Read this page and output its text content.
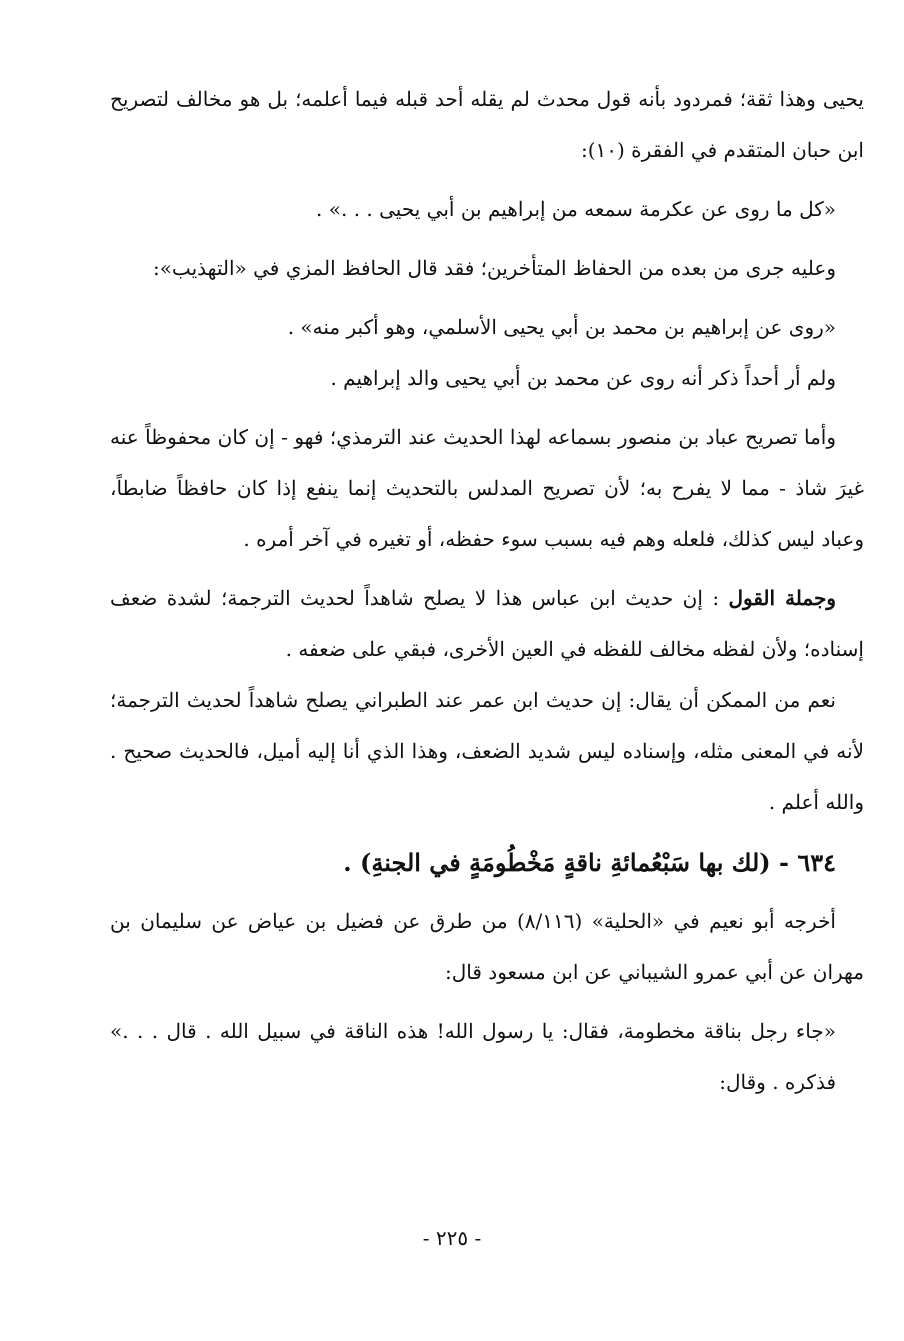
يحيى وهذا ثقة؛ فمردود بأنه قول محدث لم يقله أحد قبله فيما أعلمه؛ بل هو مخالف لتصريح ابن حبان المتقدم في الفقرة (١٠):

«كل ما روى عن عكرمة سمعه من إبراهيم بن أبي يحيى . . .» .

وعليه جرى من بعده من الحفاظ المتأخرين؛ فقد قال الحافظ المزي في «التهذيب»:

«روى عن إبراهيم بن محمد بن أبي يحيى الأسلمي، وهو أكبر منه» .

ولم أر أحداً ذكر أنه روى عن محمد بن أبي يحيى والد إبراهيم .

وأما تصريح عباد بن منصور بسماعه لهذا الحديث عند الترمذي؛ فهو - إن كان محفوظاً عنه غيرَ شاذ - مما لا يفرح به؛ لأن تصريح المدلس بالتحديث إنما ينفع إذا كان حافظاً ضابطاً، وعباد ليس كذلك، فلعله وهم فيه بسبب سوء حفظه، أو تغيره في آخر أمره .

وجملة القول : إن حديث ابن عباس هذا لا يصلح شاهداً لحديث الترجمة؛ لشدة ضعف إسناده؛ ولأن لفظه مخالف للفظه في العين الأخرى، فبقي على ضعفه .

نعم من الممكن أن يقال: إن حديث ابن عمر عند الطبراني يصلح شاهداً لحديث الترجمة؛ لأنه في المعنى مثله، وإسناده ليس شديد الضعف، وهذا الذي أنا إليه أميل، فالحديث صحيح . والله أعلم .

٦٣٤ - (لك بها سَبْعُمائةِ ناقةٍ مَخْطُومَةٍ في الجنةِ) .

أخرجه أبو نعيم في «الحلية» (٨/١١٦) من طرق عن فضيل بن عياض عن سليمان بن مهران عن أبي عمرو الشيباني عن ابن مسعود قال:

«جاء رجل بناقة مخطومة، فقال: يا رسول الله! هذه الناقة في سبيل الله . قال . . .» فذكره . وقال:

- ٢٢٥ -
